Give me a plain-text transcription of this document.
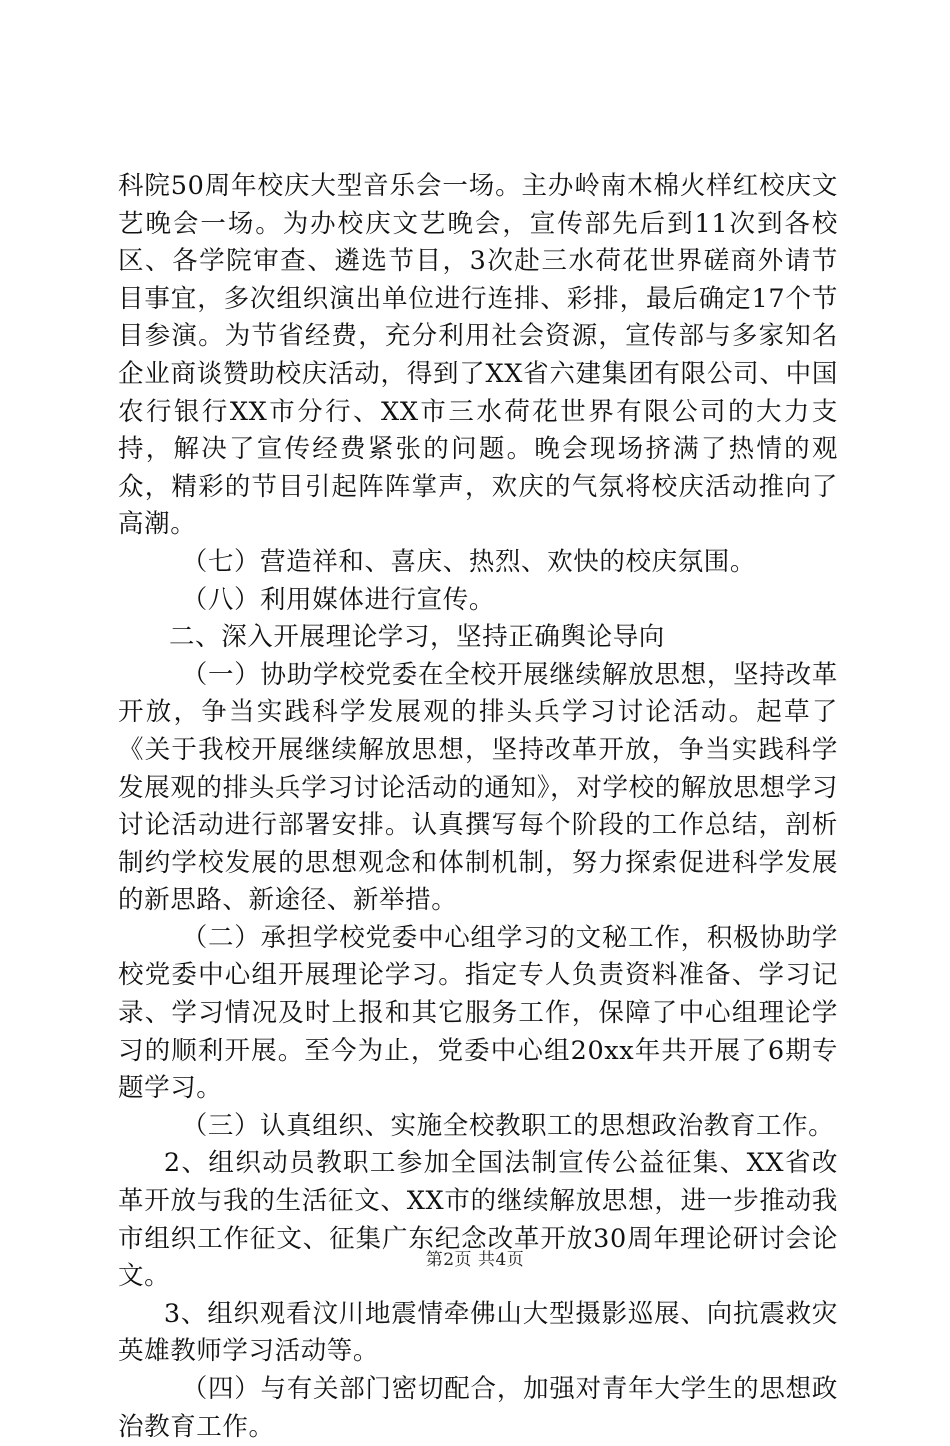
科院50周年校庆大型音乐会一场。主办岭南木棉火样红校庆文艺晚会一场。为办校庆文艺晚会，宣传部先后到11次到各校区、各学院审查、遴选节目，3次赴三水荷花世界磋商外请节目事宜，多次组织演出单位进行连排、彩排，最后确定17个节目参演。为节省经费，充分利用社会资源，宣传部与多家知名企业商谈赞助校庆活动，得到了XX省六建集团有限公司、中国农行银行XX市分行、XX市三水荷花世界有限公司的大力支持，解决了宣传经费紧张的问题。晚会现场挤满了热情的观众，精彩的节目引起阵阵掌声，欢庆的气氛将校庆活动推向了高潮。

（七）营造祥和、喜庆、热烈、欢快的校庆氛围。

（八）利用媒体进行宣传。

二、深入开展理论学习，坚持正确舆论导向

（一）协助学校党委在全校开展继续解放思想，坚持改革开放，争当实践科学发展观的排头兵学习讨论活动。起草了《关于我校开展继续解放思想，坚持改革开放，争当实践科学发展观的排头兵学习讨论活动的通知》，对学校的解放思想学习讨论活动进行部署安排。认真撰写每个阶段的工作总结，剖析制约学校发展的思想观念和体制机制，努力探索促进科学发展的新思路、新途径、新举措。

（二）承担学校党委中心组学习的文秘工作，积极协助学校党委中心组开展理论学习。指定专人负责资料准备、学习记录、学习情况及时上报和其它服务工作，保障了中心组理论学习的顺利开展。至今为止，党委中心组20xx年共开展了6期专题学习。

（三）认真组织、实施全校教职工的思想政治教育工作。

2、组织动员教职工参加全国法制宣传公益征集、XX省改革开放与我的生活征文、XX市的继续解放思想，进一步推动我市组织工作征文、征集广东纪念改革开放30周年理论研讨会论文。

3、组织观看汶川地震情牵佛山大型摄影巡展、向抗震救灾英雄教师学习活动等。

（四）与有关部门密切配合，加强对青年大学生的思想政治教育工作。

第2页 共4页
